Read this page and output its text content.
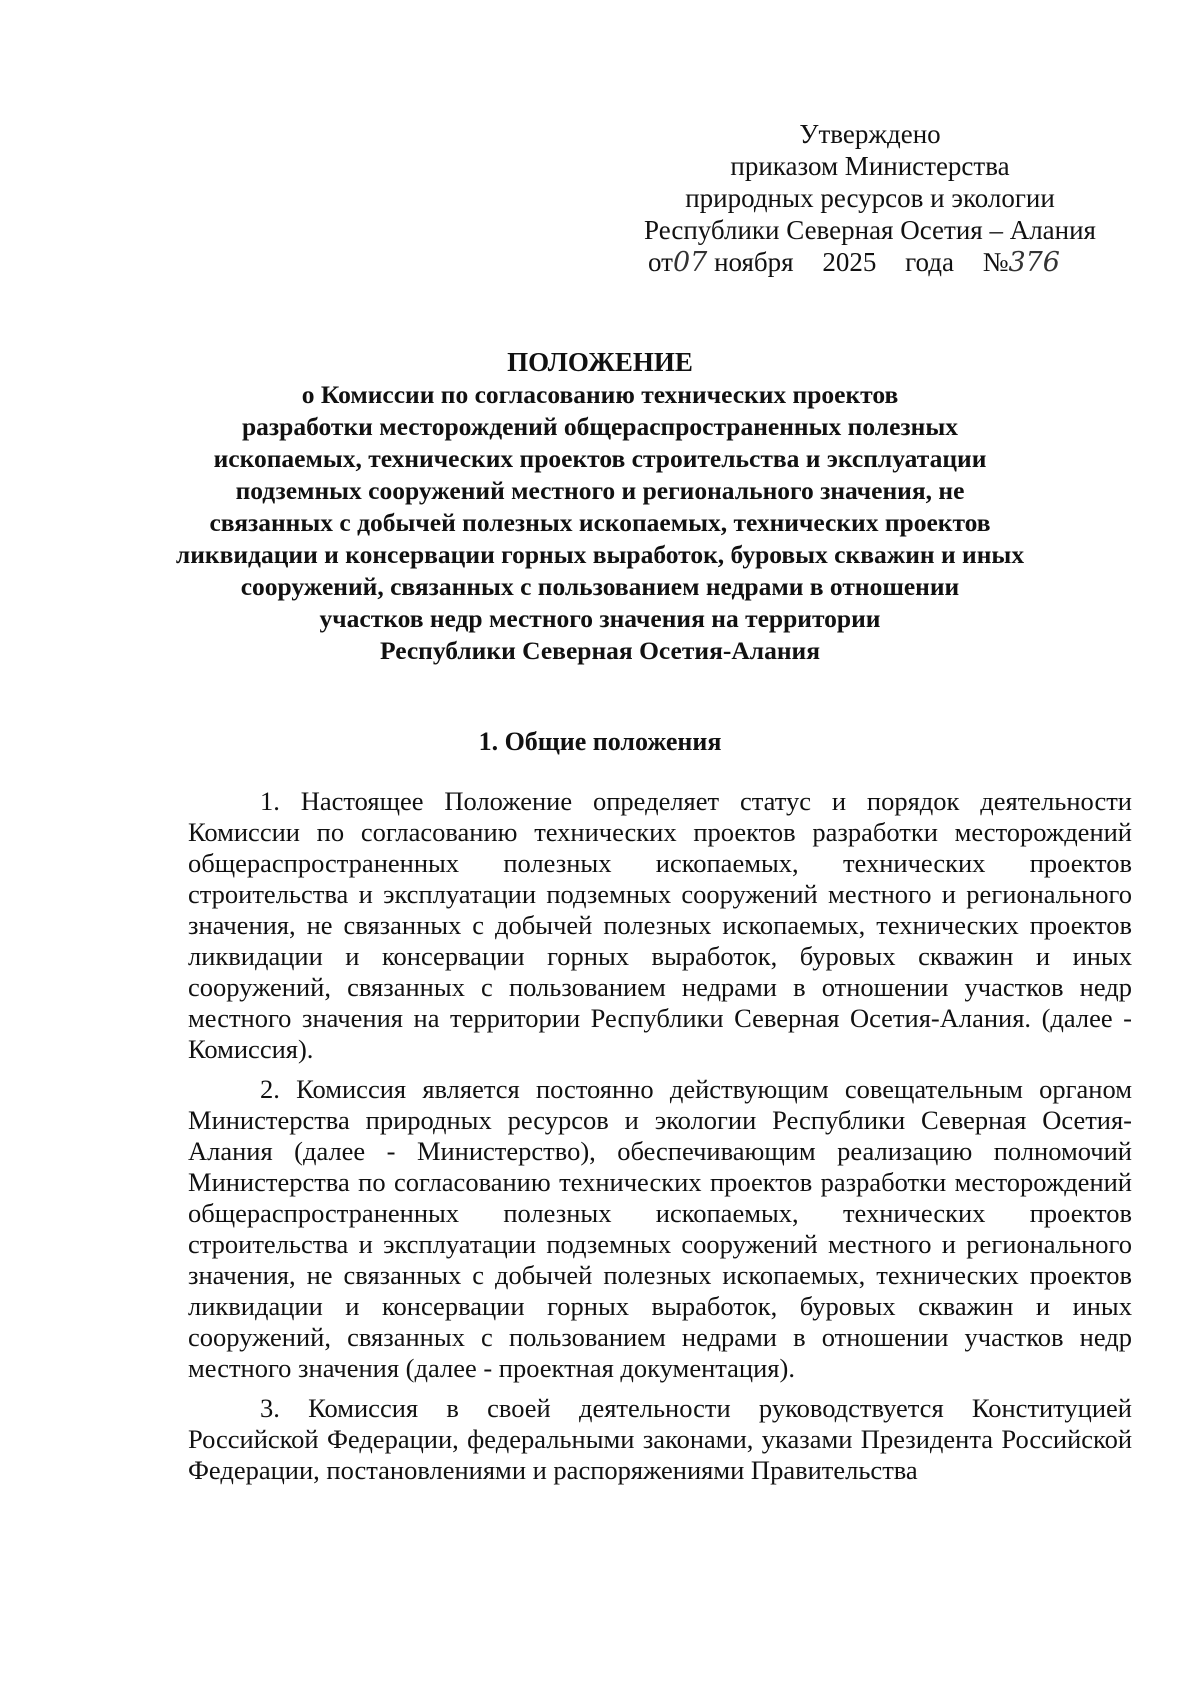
Утверждено
приказом Министерства
природных ресурсов и экологии
Республики Северная Осетия – Алания
от07 ноября 2025 года №376
ПОЛОЖЕНИЕ
о Комиссии по согласованию технических проектов
разработки месторождений общераспространенных полезных
ископаемых, технических проектов строительства и эксплуатации
подземных сооружений местного и регионального значения, не
связанных с добычей полезных ископаемых, технических проектов
ликвидации и консервации горных выработок, буровых скважин и иных
сооружений, связанных с пользованием недрами в отношении
участков недр местного значения на территории
Республики Северная Осетия-Алания
1. Общие положения

1. Настоящее Положение определяет статус и порядок деятельности Комиссии по согласованию технических проектов разработки месторождений общераспространенных полезных ископаемых, технических проектов строительства и эксплуатации подземных сооружений местного и регионального значения, не связанных с добычей полезных ископаемых, технических проектов ликвидации и консервации горных выработок, буровых скважин и иных сооружений, связанных с пользованием недрами в отношении участков недр местного значения на территории Республики Северная Осетия-Алания. (далее - Комиссия).

2. Комиссия является постоянно действующим совещательным органом Министерства природных ресурсов и экологии Республики Северная Осетия-Алания (далее - Министерство), обеспечивающим реализацию полномочий Министерства по согласованию технических проектов разработки месторождений общераспространенных полезных ископаемых, технических проектов строительства и эксплуатации подземных сооружений местного и регионального значения, не связанных с добычей полезных ископаемых, технических проектов ликвидации и консервации горных выработок, буровых скважин и иных сооружений, связанных с пользованием недрами в отношении участков недр местного значения (далее - проектная документация).

3. Комиссия в своей деятельности руководствуется Конституцией Российской Федерации, федеральными законами, указами Президента Российской Федерации, постановлениями и распоряжениями Правительства
